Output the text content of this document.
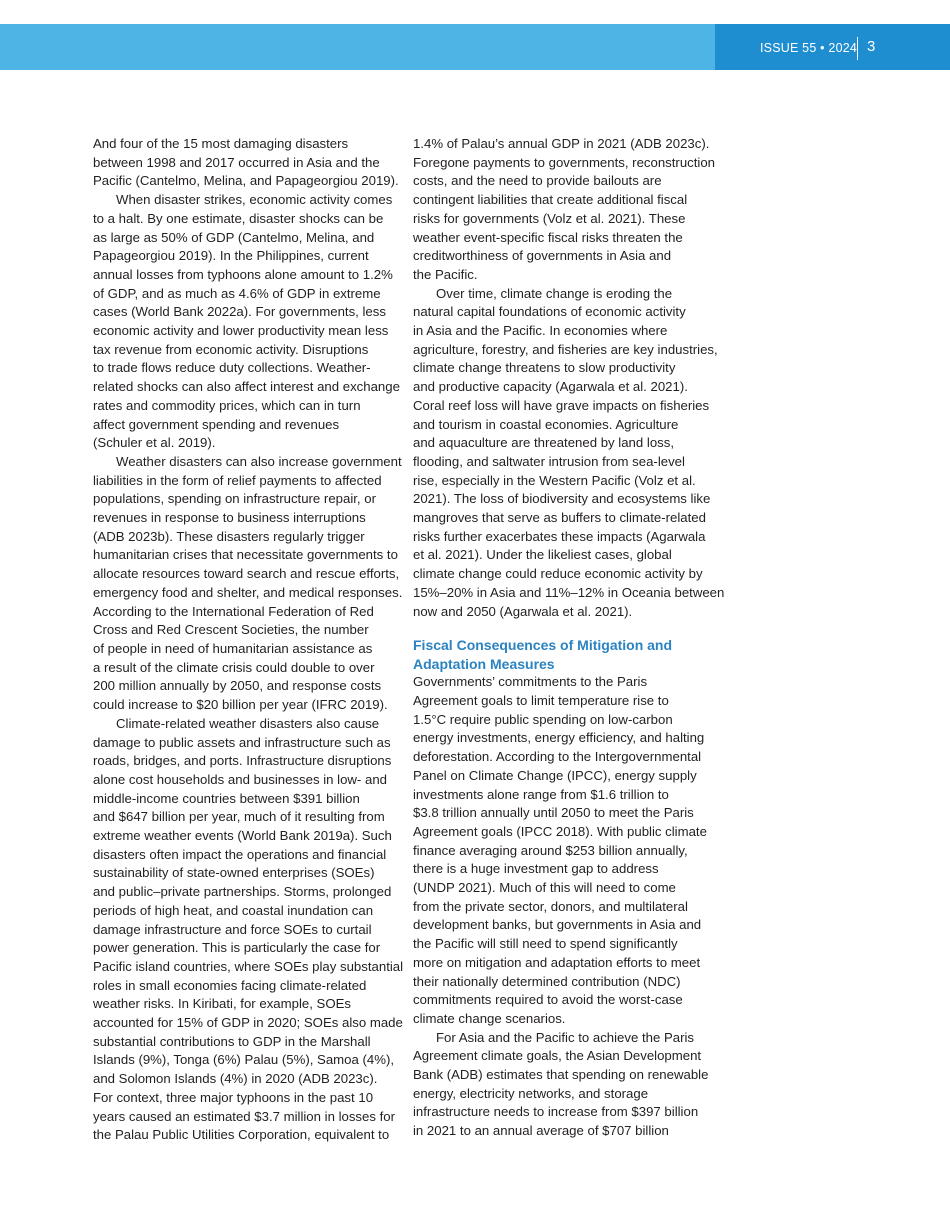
ISSUE 55 • 2024 3

And four of the 15 most damaging disasters
between 1998 and 2017 occurred in Asia and the
Pacific (Cantelmo, Melina, and Papageorgiou 2019).

When disaster strikes, economic activity comes
to a halt. By one estimate, disaster shocks can be
as large as 50% of GDP (Cantelmo, Melina, and
Papageorgiou 2019). In the Philippines, current
annual losses from typhoons alone amount to 1.2%
of GDP, and as much as 4.6% of GDP in extreme
cases (World Bank 2022a). For governments, less
economic activity and lower productivity mean less
tax revenue from economic activity. Disruptions
to trade flows reduce duty collections. Weather-
related shocks can also affect interest and exchange
rates and commodity prices, which can in turn
affect government spending and revenues
(Schuler et al. 2019).

Weather disasters can also increase government
liabilities in the form of relief payments to affected
populations, spending on infrastructure repair, or
revenues in response to business interruptions
(ADB 2023b). These disasters regularly trigger
humanitarian crises that necessitate governments to
allocate resources toward search and rescue efforts,
emergency food and shelter, and medical responses.
According to the International Federation of Red
Cross and Red Crescent Societies, the number
of people in need of humanitarian assistance as
a result of the climate crisis could double to over
200 million annually by 2050, and response costs
could increase to $20 billion per year (IFRC 2019).

Climate-related weather disasters also cause
damage to public assets and infrastructure such as
roads, bridges, and ports. Infrastructure disruptions
alone cost households and businesses in low- and
middle-income countries between $391 billion
and $647 billion per year, much of it resulting from
extreme weather events (World Bank 2019a). Such
disasters often impact the operations and financial
sustainability of state-owned enterprises (SOEs)
and public–private partnerships. Storms, prolonged
periods of high heat, and coastal inundation can
damage infrastructure and force SOEs to curtail
power generation. This is particularly the case for
Pacific island countries, where SOEs play substantial
roles in small economies facing climate-related
weather risks. In Kiribati, for example, SOEs
accounted for 15% of GDP in 2020; SOEs also made
substantial contributions to GDP in the Marshall
Islands (9%), Tonga (6%) Palau (5%), Samoa (4%),
and Solomon Islands (4%) in 2020 (ADB 2023c).
For context, three major typhoons in the past 10
years caused an estimated $3.7 million in losses for
the Palau Public Utilities Corporation, equivalent to

1.4% of Palau’s annual GDP in 2021 (ADB 2023c).
Foregone payments to governments, reconstruction
costs, and the need to provide bailouts are
contingent liabilities that create additional fiscal
risks for governments (Volz et al. 2021). These
weather event-specific fiscal risks threaten the
creditworthiness of governments in Asia and
the Pacific.

Over time, climate change is eroding the
natural capital foundations of economic activity
in Asia and the Pacific. In economies where
agriculture, forestry, and fisheries are key industries,
climate change threatens to slow productivity
and productive capacity (Agarwala et al. 2021).
Coral reef loss will have grave impacts on fisheries
and tourism in coastal economies. Agriculture
and aquaculture are threatened by land loss,
flooding, and saltwater intrusion from sea-level
rise, especially in the Western Pacific (Volz et al.
2021). The loss of biodiversity and ecosystems like
mangroves that serve as buffers to climate-related
risks further exacerbates these impacts (Agarwala
et al. 2021). Under the likeliest cases, global
climate change could reduce economic activity by
15%–20% in Asia and 11%–12% in Oceania between
now and 2050 (Agarwala et al. 2021).

Fiscal Consequences of Mitigation and
Adaptation Measures

Governments’ commitments to the Paris
Agreement goals to limit temperature rise to
1.5°C require public spending on low-carbon
energy investments, energy efficiency, and halting
deforestation. According to the Intergovernmental
Panel on Climate Change (IPCC), energy supply
investments alone range from $1.6 trillion to
$3.8 trillion annually until 2050 to meet the Paris
Agreement goals (IPCC 2018). With public climate
finance averaging around $253 billion annually,
there is a huge investment gap to address
(UNDP 2021). Much of this will need to come
from the private sector, donors, and multilateral
development banks, but governments in Asia and
the Pacific will still need to spend significantly
more on mitigation and adaptation efforts to meet
their nationally determined contribution (NDC)
commitments required to avoid the worst-case
climate change scenarios.

For Asia and the Pacific to achieve the Paris
Agreement climate goals, the Asian Development
Bank (ADB) estimates that spending on renewable
energy, electricity networks, and storage
infrastructure needs to increase from $397 billion
in 2021 to an annual average of $707 billion
